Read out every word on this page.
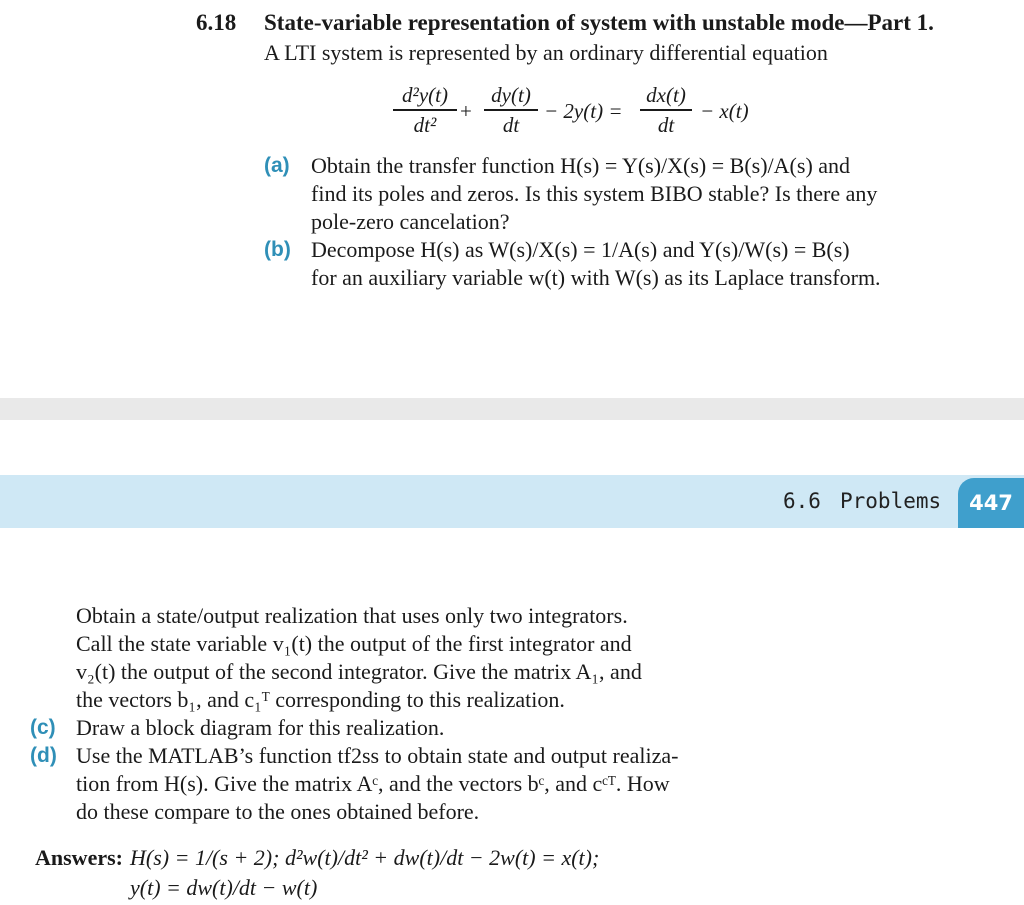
6.18 State-variable representation of system with unstable mode—Part 1.
A LTI system is represented by an ordinary differential equation
d²y(t)
dt²
+
dy(t)
dt
− 2y(t) =
dx(t)
dt
− x(t)
(a) Obtain the transfer function H(s) = Y(s)/X(s) = B(s)/A(s) and
find its poles and zeros. Is this system BIBO stable? Is there any
pole-zero cancelation?
(b) Decompose H(s) as W(s)/X(s) = 1/A(s) and Y(s)/W(s) = B(s)
for an auxiliary variable w(t) with W(s) as its Laplace transform.
6.6 Problems	447
Obtain a state/output realization that uses only two integrators.
Call the state variable v₁(t) the output of the first integrator and
v₂(t) the output of the second integrator. Give the matrix A₁, and
the vectors b₁, and c₁ᵀ corresponding to this realization.
(c) Draw a block diagram for this realization.
(d) Use the MATLAB’s function tf2ss to obtain state and output realiza-
tion from H(s). Give the matrix Aᶜ, and the vectors bᶜ, and cᶜᵀ. How
do these compare to the ones obtained before.
Answers: H(s) = 1/(s + 2); d²w(t)/dt² + dw(t)/dt − 2w(t) = x(t);
y(t) = dw(t)/dt − w(t)
